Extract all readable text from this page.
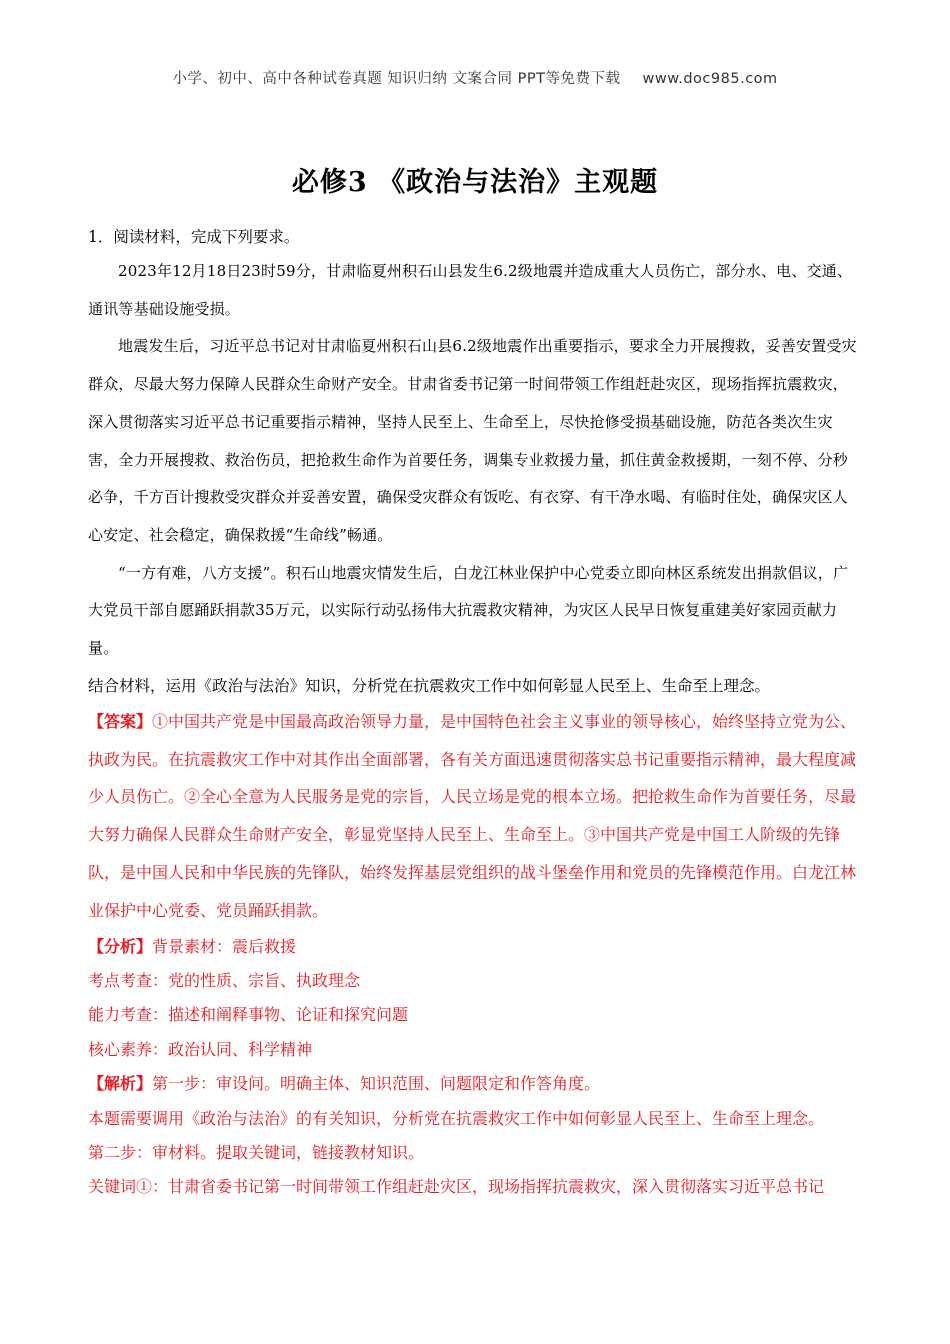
小学、初中、高中各种试卷真题 知识归纳 文案合同 PPT等免费下载 www.doc985.com
必修3 《政治与法治》主观题
1．阅读材料，完成下列要求。

2023年12月18日23时59分，甘肃临夏州积石山县发生6.2级地震并造成重大人员伤亡，部分水、电、交通、通讯等基础设施受损。

地震发生后，习近平总书记对甘肃临夏州积石山县6.2级地震作出重要指示，要求全力开展搜救，妥善安置受灾群众，尽最大努力保障人民群众生命财产安全。甘肃省委书记第一时间带领工作组赶赴灾区，现场指挥抗震救灾，深入贯彻落实习近平总书记重要指示精神，坚持人民至上、生命至上，尽快抢修受损基础设施，防范各类次生灾害，全力开展搜救、救治伤员，把抢救生命作为首要任务，调集专业救援力量，抓住黄金救援期，一刻不停、分秒必争，千方百计搜救受灾群众并妥善安置，确保受灾群众有饭吃、有衣穿、有干净水喝、有临时住处，确保灾区人心安定、社会稳定，确保救援“生命线”畅通。

“一方有难，八方支援”。积石山地震灾情发生后，白龙江林业保护中心党委立即向林区系统发出捐款倡议，广大党员干部自愿踊跃捐款35万元，以实际行动弘扬伟大抗震救灾精神，为灾区人民早日恢复重建美好家园贡献力量。

结合材料，运用《政治与法治》知识，分析党在抗震救灾工作中如何彰显人民至上、生命至上理念。

【答案】①中国共产党是中国最高政治领导力量，是中国特色社会主义事业的领导核心，始终坚持立党为公、执政为民。在抗震救灾工作中对其作出全面部署，各有关方面迅速贯彻落实总书记重要指示精神，最大程度减少人员伤亡。②全心全意为人民服务是党的宗旨，人民立场是党的根本立场。把抢救生命作为首要任务，尽最大努力确保人民群众生命财产安全，彰显党坚持人民至上、生命至上。③中国共产党是中国工人阶级的先锋队，是中国人民和中华民族的先锋队，始终发挥基层党组织的战斗堡垒作用和党员的先锋模范作用。白龙江林业保护中心党委、党员踊跃捐款。

【分析】背景素材：震后救援

考点考查：党的性质、宗旨、执政理念

能力考查：描述和阐释事物、论证和探究问题

核心素养：政治认同、科学精神

【解析】第一步：审设问。明确主体、知识范围、问题限定和作答角度。

本题需要调用《政治与法治》的有关知识，分析党在抗震救灾工作中如何彰显人民至上、生命至上理念。

第二步：审材料。提取关键词，链接教材知识。

关键词①：甘肃省委书记第一时间带领工作组赶赴灾区，现场指挥抗震救灾，深入贯彻落实习近平总书记
